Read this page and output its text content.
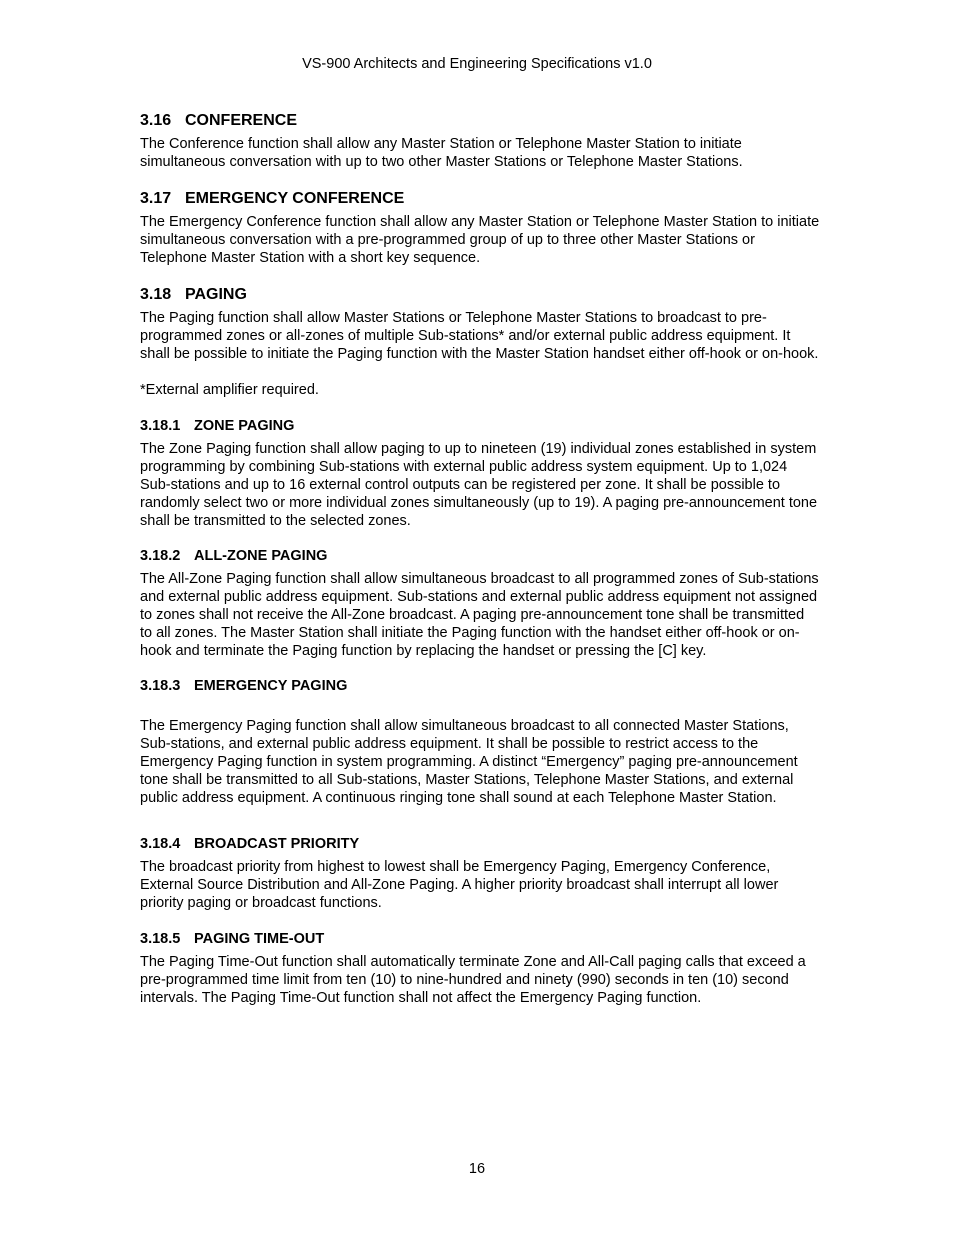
VS-900 Architects and Engineering Specifications v1.0
3.16 CONFERENCE

The Conference function shall allow any Master Station or Telephone Master Station to initiate simultaneous conversation with up to two other Master Stations or Telephone Master Stations.

3.17 EMERGENCY CONFERENCE

The Emergency Conference function shall allow any Master Station or Telephone Master Station to initiate simultaneous conversation with a pre-programmed group of up to three other Master Stations or Telephone Master Station with a short key sequence.

3.18 PAGING

The Paging function shall allow Master Stations or Telephone Master Stations to broadcast to pre-programmed zones or all-zones of multiple Sub-stations* and/or external public address equipment. It shall be possible to initiate the Paging function with the Master Station handset either off-hook or on-hook.

*External amplifier required.

3.18.1 ZONE PAGING

The Zone Paging function shall allow paging to up to nineteen (19) individual zones established in system programming by combining Sub-stations with external public address system equipment. Up to 1,024 Sub-stations and up to 16 external control outputs can be registered per zone. It shall be possible to randomly select two or more individual zones simultaneously (up to 19). A paging pre-announcement tone shall be transmitted to the selected zones.

3.18.2 ALL-ZONE PAGING

The All-Zone Paging function shall allow simultaneous broadcast to all programmed zones of Sub-stations and external public address equipment. Sub-stations and external public address equipment not assigned to zones shall not receive the All-Zone broadcast. A paging pre-announcement tone shall be transmitted to all zones. The Master Station shall initiate the Paging function with the handset either off-hook or on-hook and terminate the Paging function by replacing the handset or pressing the [C] key.

3.18.3 EMERGENCY PAGING

The Emergency Paging function shall allow simultaneous broadcast to all connected Master Stations, Sub-stations, and external public address equipment. It shall be possible to restrict access to the Emergency Paging function in system programming. A distinct “Emergency” paging pre-announcement tone shall be transmitted to all Sub-stations, Master Stations, Telephone Master Stations, and external public address equipment. A continuous ringing tone shall sound at each Telephone Master Station.

3.18.4 BROADCAST PRIORITY

The broadcast priority from highest to lowest shall be Emergency Paging, Emergency Conference, External Source Distribution and All-Zone Paging. A higher priority broadcast shall interrupt all lower priority paging or broadcast functions.

3.18.5 PAGING TIME-OUT

The Paging Time-Out function shall automatically terminate Zone and All-Call paging calls that exceed a pre-programmed time limit from ten (10) to nine-hundred and ninety (990) seconds in ten (10) second intervals. The Paging Time-Out function shall not affect the Emergency Paging function.

16
